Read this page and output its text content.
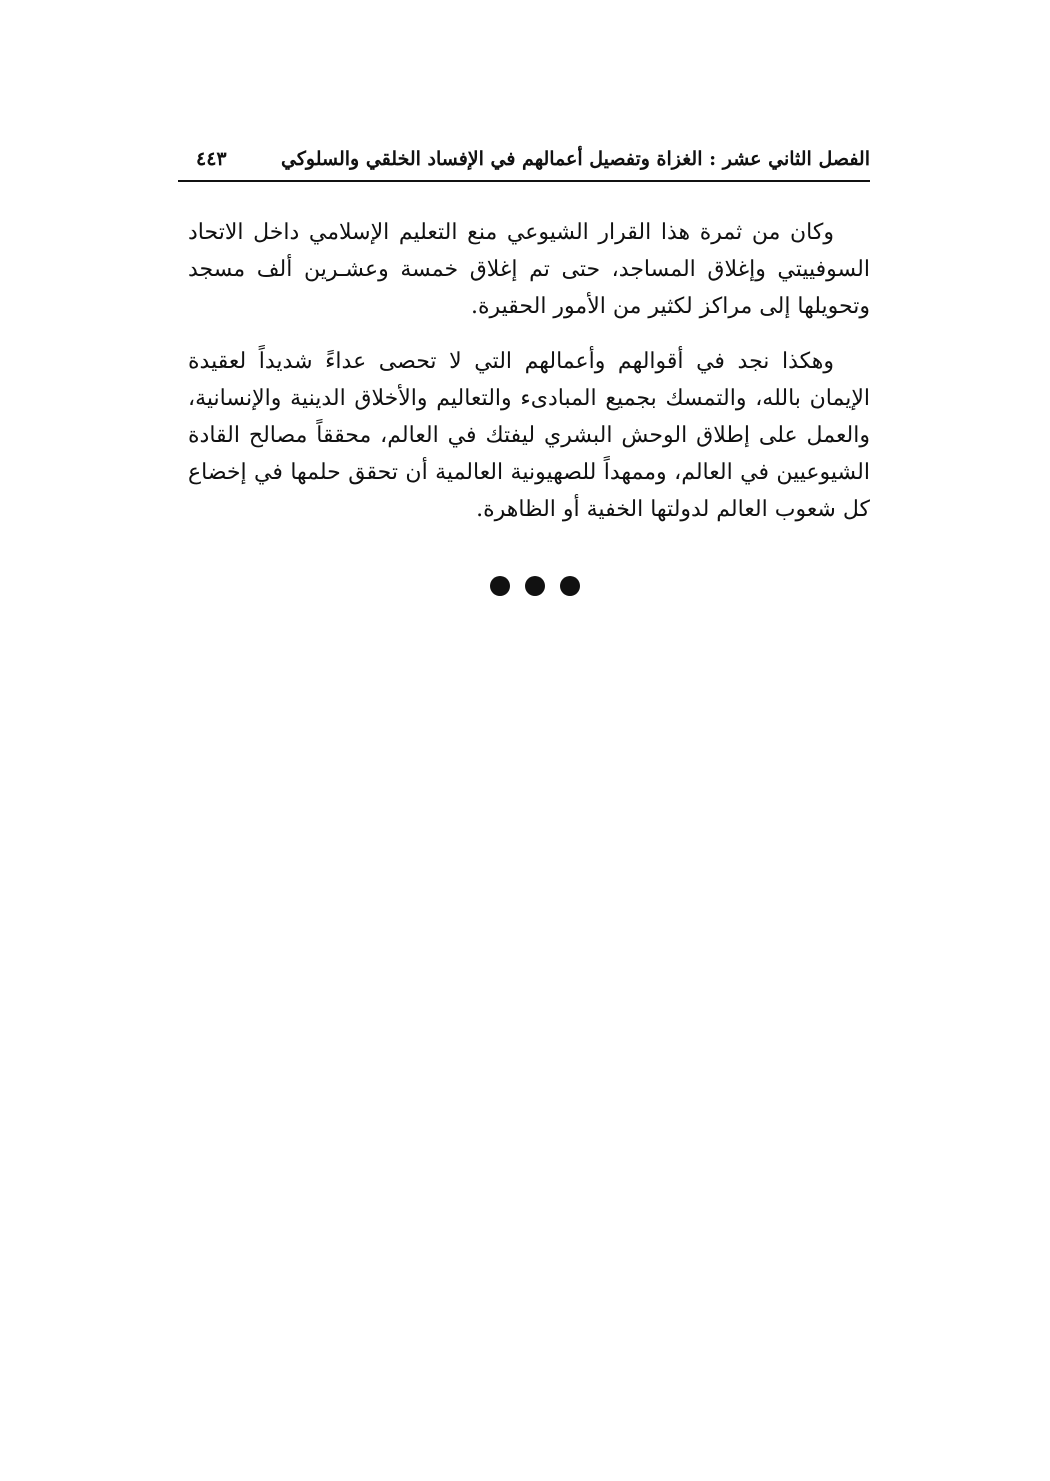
الفصل الثاني عشر : الغزاة وتفصيل أعمالهم في الإفساد الخلقي والسلوكي
٤٤٣

وكان من ثمرة هذا القرار الشيوعي منع التعليم الإسلامي داخل الاتحاد السوفييتي وإغلاق المساجد، حتى تم إغلاق خمسة وعشـرين ألف مسجد وتحويلها إلى مراكز لكثير من الأمور الحقيرة.

وهكذا نجد في أقوالهم وأعمالهم التي لا تحصى عداءً شديداً لعقيدة الإيمان بالله، والتمسك بجميع المبادىء والتعاليم والأخلاق الدينية والإنسانية، والعمل على إطلاق الوحش البشري ليفتك في العالم، محققاً مصالح القادة الشيوعيين في العالم، وممهداً للصهيونية العالمية أن تحقق حلمها في إخضاع كل شعوب العالم لدولتها الخفية أو الظاهرة.
